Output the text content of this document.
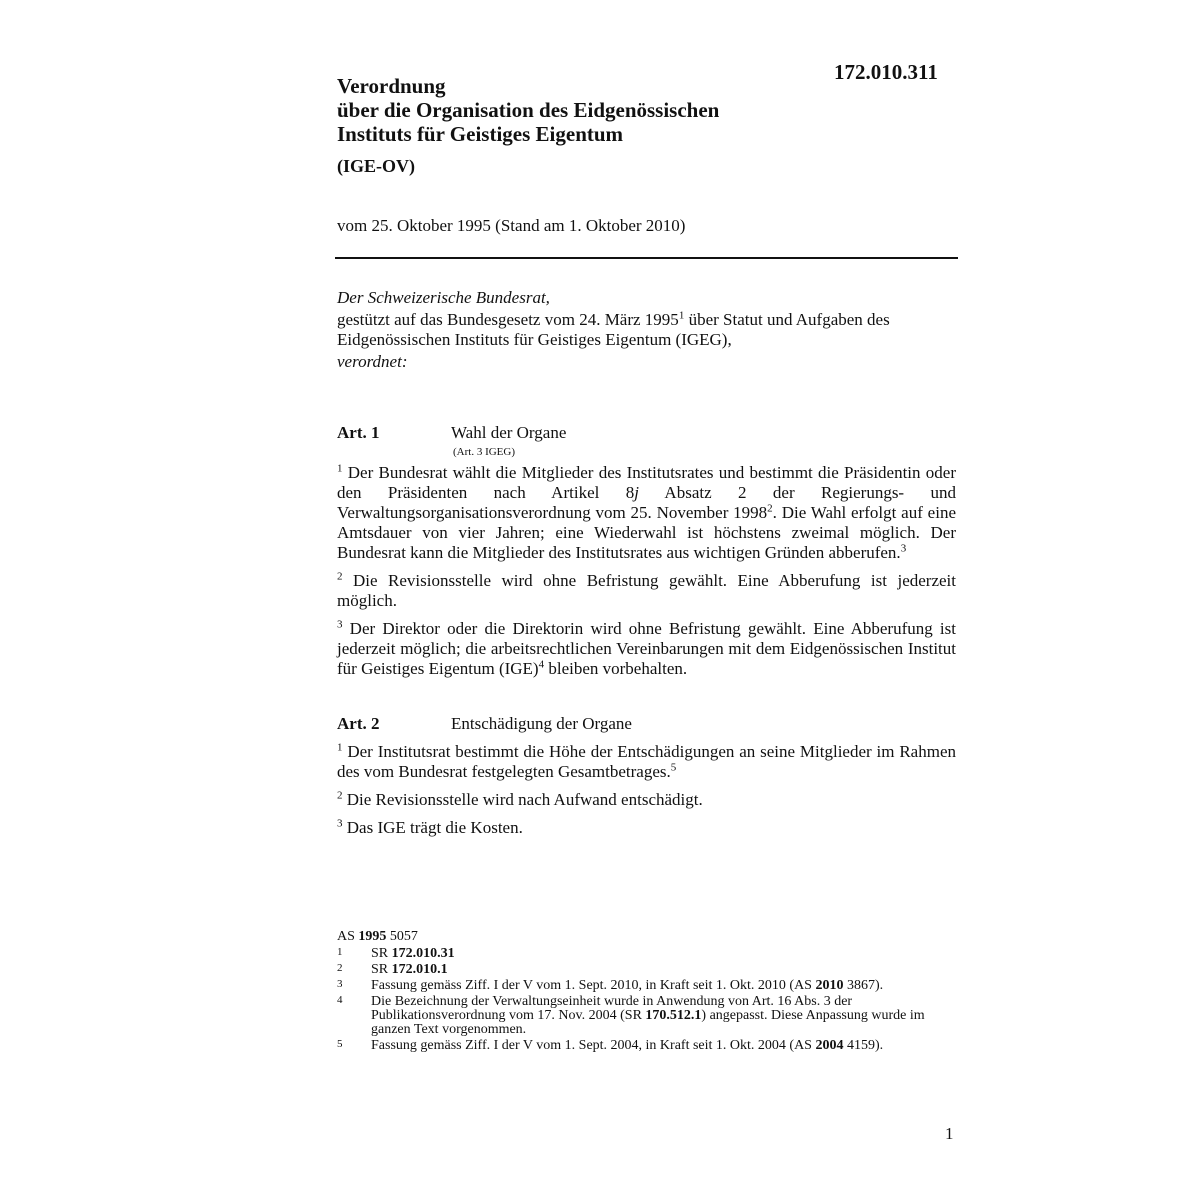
172.010.311
Verordnung
über die Organisation des Eidgenössischen
Instituts für Geistiges Eigentum
(IGE-OV)
vom 25. Oktober 1995 (Stand am 1. Oktober 2010)

Der Schweizerische Bundesrat,

gestützt auf das Bundesgesetz vom 24. März 1995$^1$ über Statut und Aufgaben des Eidgenössischen Instituts für Geistiges Eigentum (IGEG),

verordnet:

Art. 1	Wahl der Organe
(Art. 3 IGEG)

$^1$ Der Bundesrat wählt die Mitglieder des Institutsrates und bestimmt die Präsidentin oder den Präsidenten nach Artikel 8j Absatz 2 der Regierungs- und Verwaltungsorganisationsverordnung vom 25. November 1998$^2$. Die Wahl erfolgt auf eine Amtsdauer von vier Jahren; eine Wiederwahl ist höchstens zweimal möglich. Der Bundesrat kann die Mitglieder des Institutsrates aus wichtigen Gründen abberufen.$^3$

$^2$ Die Revisionsstelle wird ohne Befristung gewählt. Eine Abberufung ist jederzeit möglich.

$^3$ Der Direktor oder die Direktorin wird ohne Befristung gewählt. Eine Abberufung ist jederzeit möglich; die arbeitsrechtlichen Vereinbarungen mit dem Eidgenössischen Institut für Geistiges Eigentum (IGE)$^4$ bleiben vorbehalten.

Art. 2	Entschädigung der Organe

$^1$ Der Institutsrat bestimmt die Höhe der Entschädigungen an seine Mitglieder im Rahmen des vom Bundesrat festgelegten Gesamtbetrages.$^5$

$^2$ Die Revisionsstelle wird nach Aufwand entschädigt.

$^3$ Das IGE trägt die Kosten.

AS 1995 5057
1 SR 172.010.31
2 SR 172.010.1
3 Fassung gemäss Ziff. I der V vom 1. Sept. 2010, in Kraft seit 1. Okt. 2010 (AS 2010 3867).
4 Die Bezeichnung der Verwaltungseinheit wurde in Anwendung von Art. 16 Abs. 3 der Publikationsverordnung vom 17. Nov. 2004 (SR 170.512.1) angepasst. Diese Anpassung wurde im ganzen Text vorgenommen.
5 Fassung gemäss Ziff. I der V vom 1. Sept. 2004, in Kraft seit 1. Okt. 2004 (AS 2004 4159).
1
